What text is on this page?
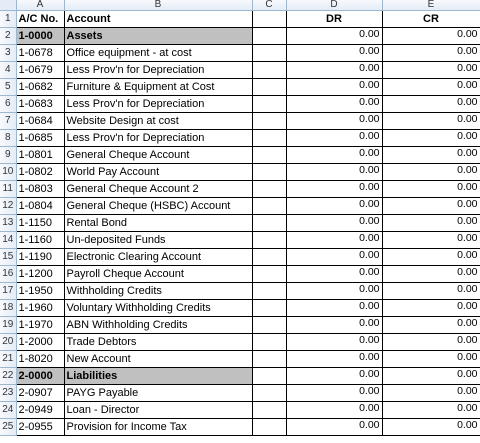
	A	B	C	D	E
1	A/C No.	Account		DR	CR
2	1-0000	Assets		0.00	0.00
3	1-0678	Office equipment - at cost		0.00	0.00
4	1-0679	Less Prov'n for Depreciation		0.00	0.00
5	1-0682	Furniture & Equipment at Cost		0.00	0.00
6	1-0683	Less Prov'n for Depreciation		0.00	0.00
7	1-0684	Website Design at cost		0.00	0.00
8	1-0685	Less Prov'n for Depreciation		0.00	0.00
9	1-0801	General Cheque Account		0.00	0.00
10	1-0802	World Pay Account		0.00	0.00
11	1-0803	General Cheque Account 2		0.00	0.00
12	1-0804	General Cheque (HSBC) Account		0.00	0.00
13	1-1150	Rental Bond		0.00	0.00
14	1-1160	Un-deposited Funds		0.00	0.00
15	1-1190	Electronic Clearing Account		0.00	0.00
16	1-1200	Payroll Cheque Account		0.00	0.00
17	1-1950	Withholding Credits		0.00	0.00
18	1-1960	Voluntary Withholding Credits		0.00	0.00
19	1-1970	ABN Withholding Credits		0.00	0.00
20	1-2000	Trade Debtors		0.00	0.00
21	1-8020	New Account		0.00	0.00
22	2-0000	Liabilities		0.00	0.00
23	2-0907	PAYG Payable		0.00	0.00
24	2-0949	Loan - Director		0.00	0.00
25	2-0955	Provision for Income Tax		0.00	0.00
